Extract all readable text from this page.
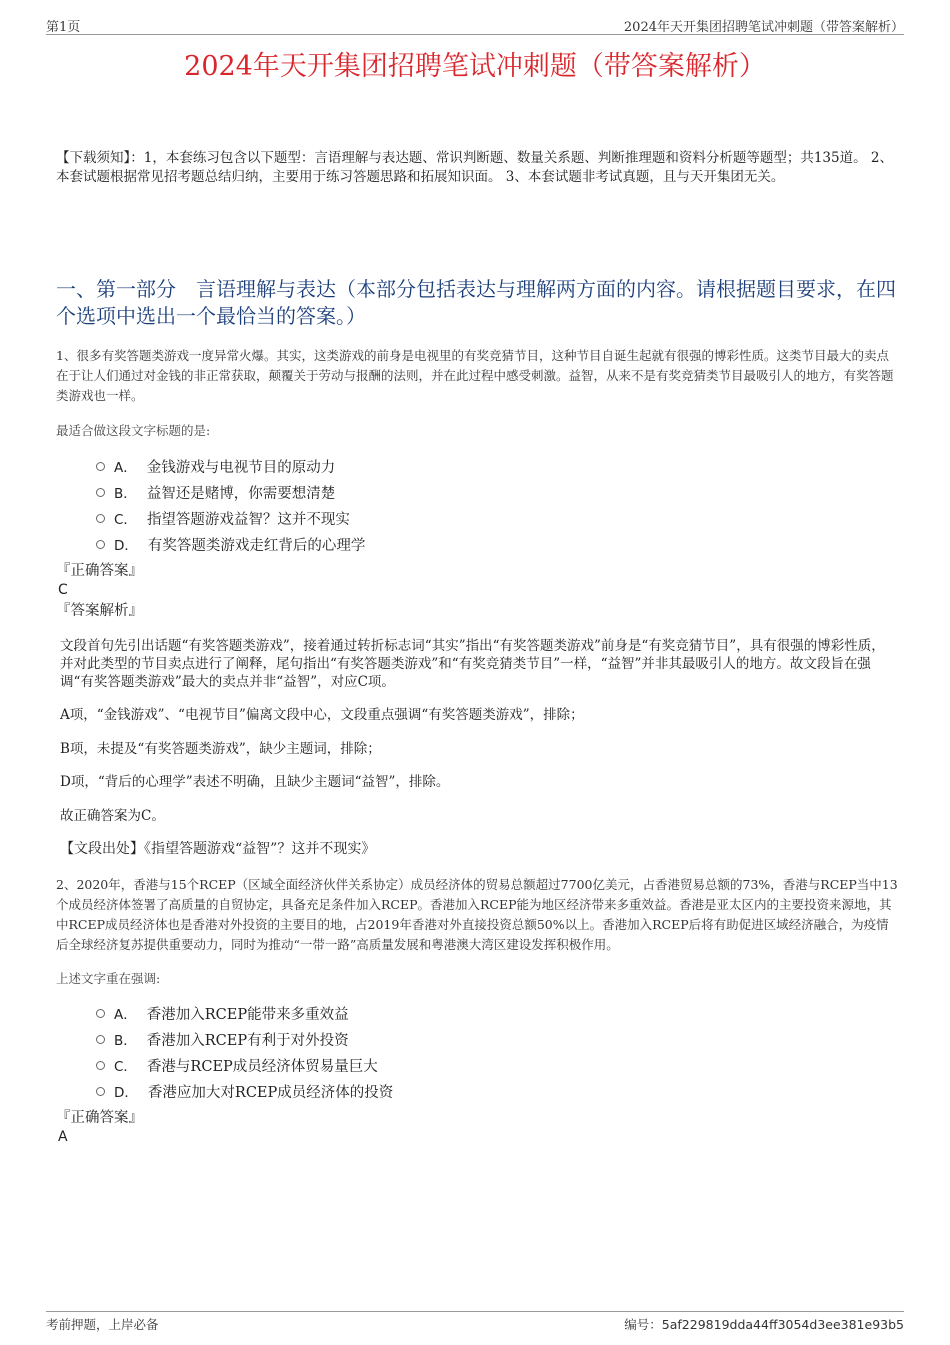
第1页	2024年天开集团招聘笔试冲刺题（带答案解析）
2024年天开集团招聘笔试冲刺题（带答案解析）
【下载须知】：1，本套练习包含以下题型：言语理解与表达题、常识判断题、数量关系题、判断推理题和资料分析题等题型；共135道。 2、本套试题根据常见招考题总结归纳，主要用于练习答题思路和拓展知识面。 3、本套试题非考试真题，且与天开集团无关。
一、第一部分　言语理解与表达（本部分包括表达与理解两方面的内容。请根据题目要求，在四个选项中选出一个最恰当的答案。）
1、很多有奖答题类游戏一度异常火爆。其实，这类游戏的前身是电视里的有奖竞猜节目，这种节目自诞生起就有很强的博彩性质。这类节目最大的卖点在于让人们通过对金钱的非正常获取，颠覆关于劳动与报酬的法则，并在此过程中感受刺激。益智，从来不是有奖竞猜类节目最吸引人的地方，有奖答题类游戏也一样。
最适合做这段文字标题的是:
A． 金钱游戏与电视节目的原动力
B． 益智还是赌博，你需要想清楚
C． 指望答题游戏益智？这并不现实
D． 有奖答题类游戏走红背后的心理学
『正确答案』
C
『答案解析』
文段首句先引出话题“有奖答题类游戏”，接着通过转折标志词“其实”指出“有奖答题类游戏”前身是“有奖竞猜节目”，具有很强的博彩性质，并对此类型的节目卖点进行了阐释，尾句指出“有奖答题类游戏”和“有奖竞猜类节目”一样，“益智”并非其最吸引人的地方。故文段旨在强调“有奖答题类游戏”最大的卖点并非“益智”，对应C项。
A项，“金钱游戏”、“电视节目”偏离文段中心，文段重点强调“有奖答题类游戏”，排除；
B项，未提及“有奖答题类游戏”，缺少主题词，排除；
D项，“背后的心理学”表述不明确，且缺少主题词“益智”，排除。
故正确答案为C。
【文段出处】《指望答题游戏“益智”？这并不现实》
2、2020年，香港与15个RCEP（区域全面经济伙伴关系协定）成员经济体的贸易总额超过7700亿美元，占香港贸易总额的73%，香港与RCEP当中13个成员经济体签署了高质量的自贸协定，具备充足条件加入RCEP。香港加入RCEP能为地区经济带来多重效益。香港是亚太区内的主要投资来源地，其中RCEP成员经济体也是香港对外投资的主要目的地，占2019年香港对外直接投资总额50%以上。香港加入RCEP后将有助促进区域经济融合，为疫情后全球经济复苏提供重要动力，同时为推动“一带一路”高质量发展和粤港澳大湾区建设发挥积极作用。
上述文字重在强调:
A． 香港加入RCEP能带来多重效益
B． 香港加入RCEP有利于对外投资
C． 香港与RCEP成员经济体贸易量巨大
D． 香港应加大对RCEP成员经济体的投资
『正确答案』
A
考前押题，上岸必备	编号：5af229819dda44ff3054d3ee381e93b5
